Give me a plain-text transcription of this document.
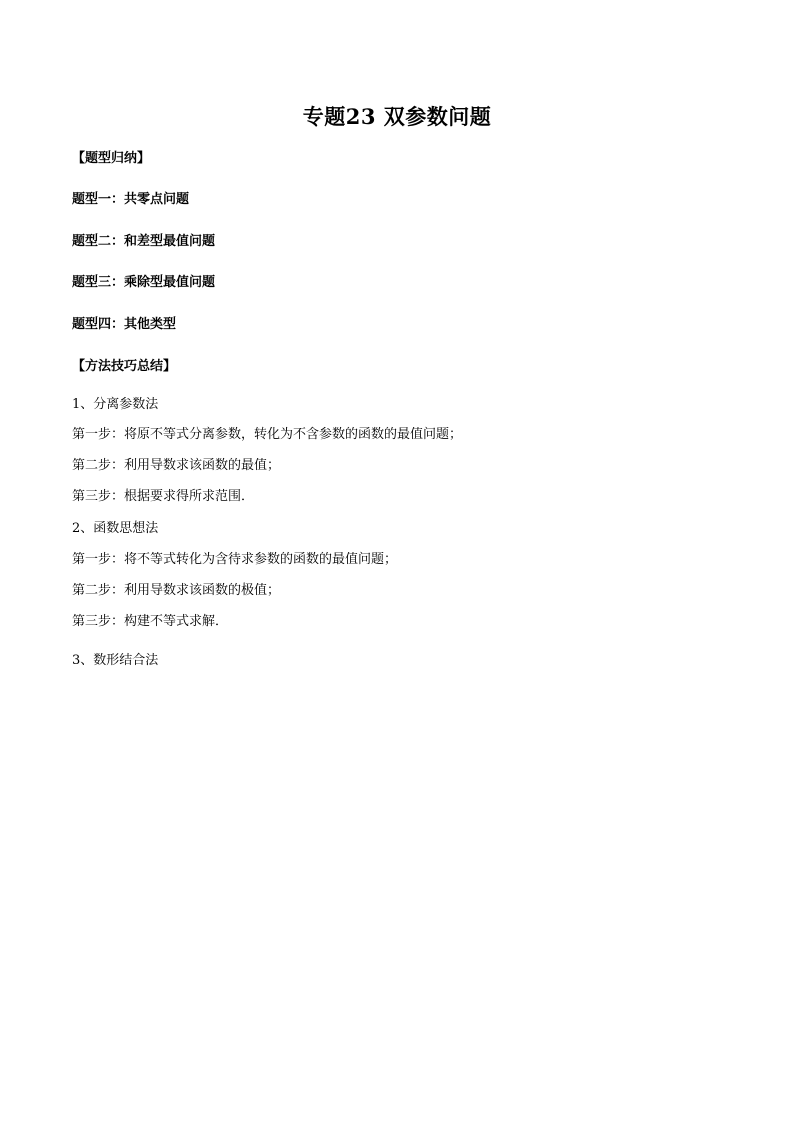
专题23 双参数问题
【题型归纳】
题型一：共零点问题
题型二：和差型最值问题
题型三：乘除型最值问题
题型四：其他类型
【方法技巧总结】
1、分离参数法
第一步：将原不等式分离参数，转化为不含参数的函数的最值问题；
第二步：利用导数求该函数的最值；
第三步：根据要求得所求范围．
2、函数思想法
第一步：将不等式转化为含待求参数的函数的最值问题；
第二步：利用导数求该函数的极值；
第三步：构建不等式求解．
3、数形结合法
